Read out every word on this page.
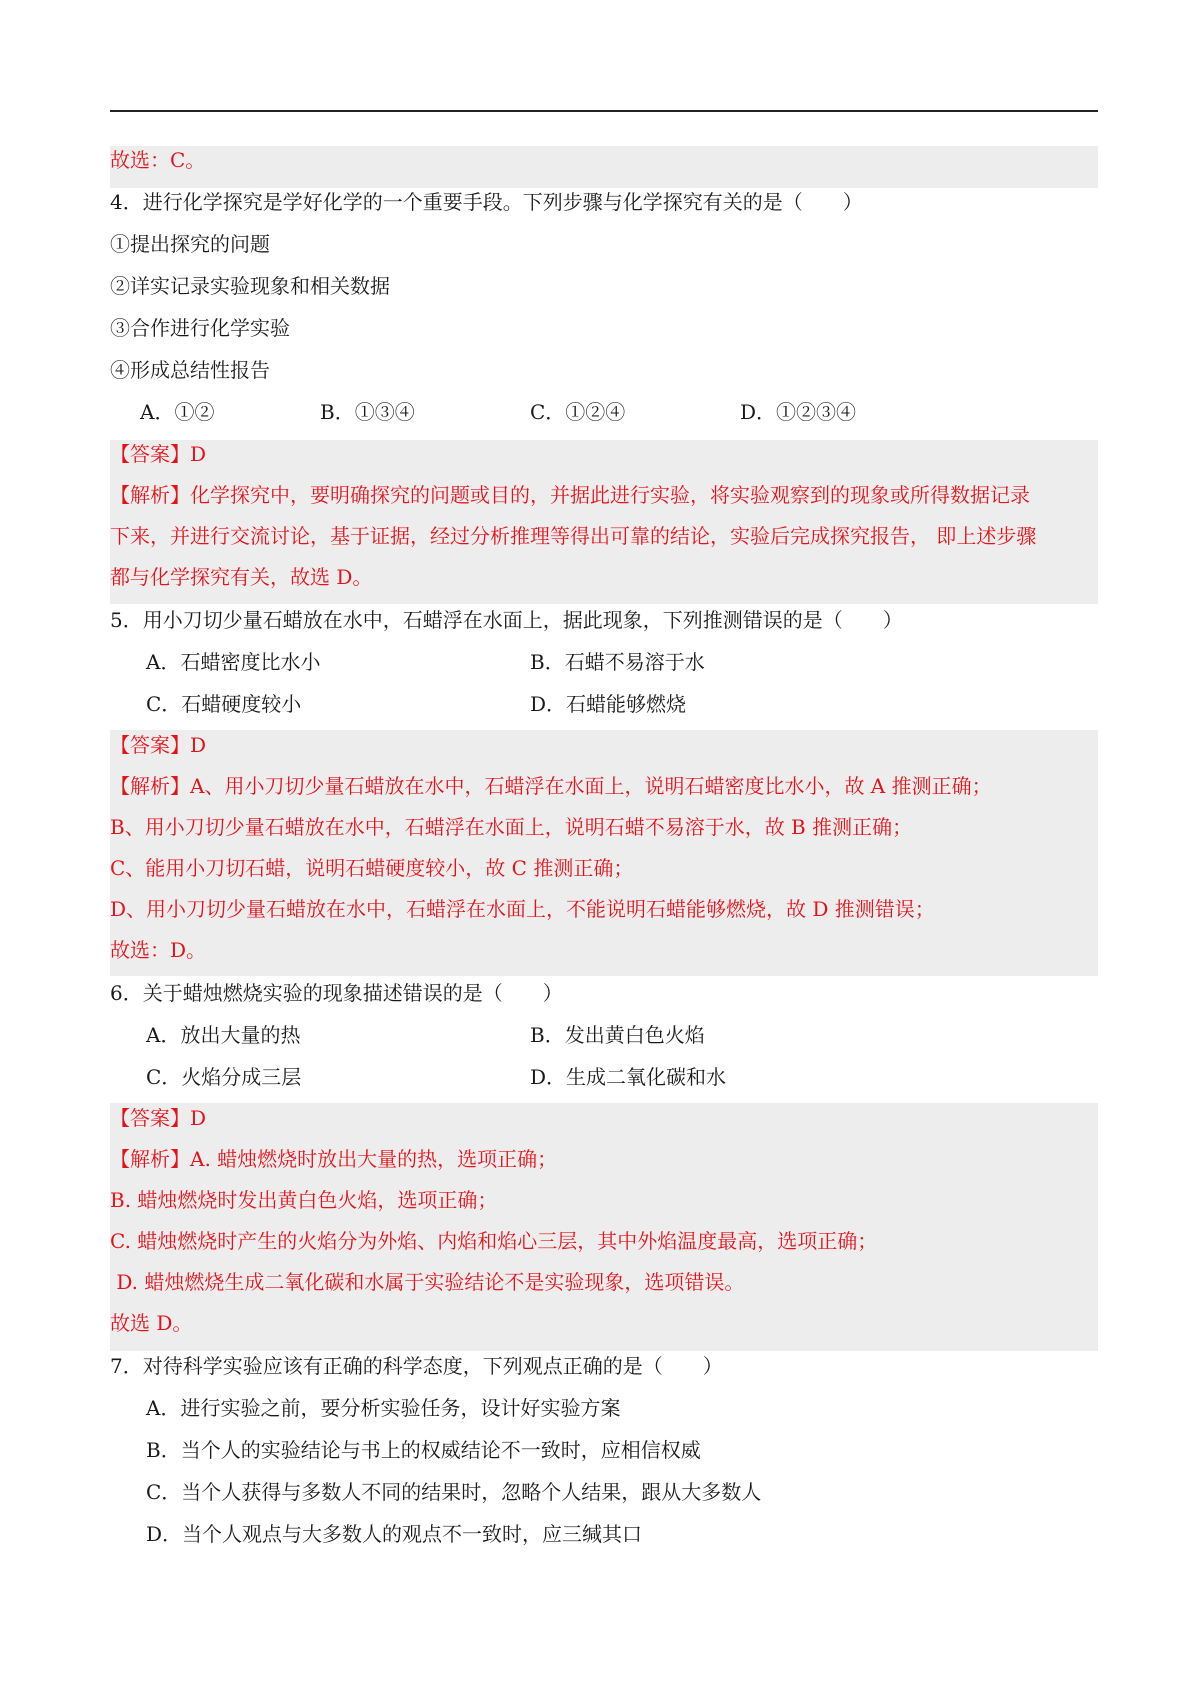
故选：C。
4．进行化学探究是学好化学的一个重要手段。下列步骤与化学探究有关的是（　　）
①提出探究的问题
②详实记录实验现象和相关数据
③合作进行化学实验
④形成总结性报告
A．①②	B．①③④	C．①②④	D．①②③④
【答案】D
【解析】化学探究中，要明确探究的问题或目的，并据此进行实验，将实验观察到的现象或所得数据记录
下来，并进行交流讨论，基于证据，经过分析推理等得出可靠的结论，实验后完成探究报告， 即上述步骤
都与化学探究有关，故选 D。
5．用小刀切少量石蜡放在水中，石蜡浮在水面上，据此现象，下列推测错误的是（　　）
A．石蜡密度比水小	B．石蜡不易溶于水
C．石蜡硬度较小	D．石蜡能够燃烧
【答案】D
【解析】A、用小刀切少量石蜡放在水中，石蜡浮在水面上，说明石蜡密度比水小，故 A 推测正确；
B、用小刀切少量石蜡放在水中，石蜡浮在水面上，说明石蜡不易溶于水，故 B 推测正确；
C、能用小刀切石蜡，说明石蜡硬度较小，故 C 推测正确；
D、用小刀切少量石蜡放在水中，石蜡浮在水面上，不能说明石蜡能够燃烧，故 D 推测错误；
故选：D。
6．关于蜡烛燃烧实验的现象描述错误的是（　　）
A．放出大量的热	B．发出黄白色火焰
C．火焰分成三层	D．生成二氧化碳和水
【答案】D
【解析】A. 蜡烛燃烧时放出大量的热，选项正确；
B. 蜡烛燃烧时发出黄白色火焰，选项正确；
C. 蜡烛燃烧时产生的火焰分为外焰、内焰和焰心三层，其中外焰温度最高，选项正确；
D. 蜡烛燃烧生成二氧化碳和水属于实验结论不是实验现象，选项错误。
故选 D。
7．对待科学实验应该有正确的科学态度，下列观点正确的是（　　）
A．进行实验之前，要分析实验任务，设计好实验方案
B．当个人的实验结论与书上的权威结论不一致时，应相信权威
C．当个人获得与多数人不同的结果时，忽略个人结果，跟从大多数人
D．当个人观点与大多数人的观点不一致时，应三缄其口
